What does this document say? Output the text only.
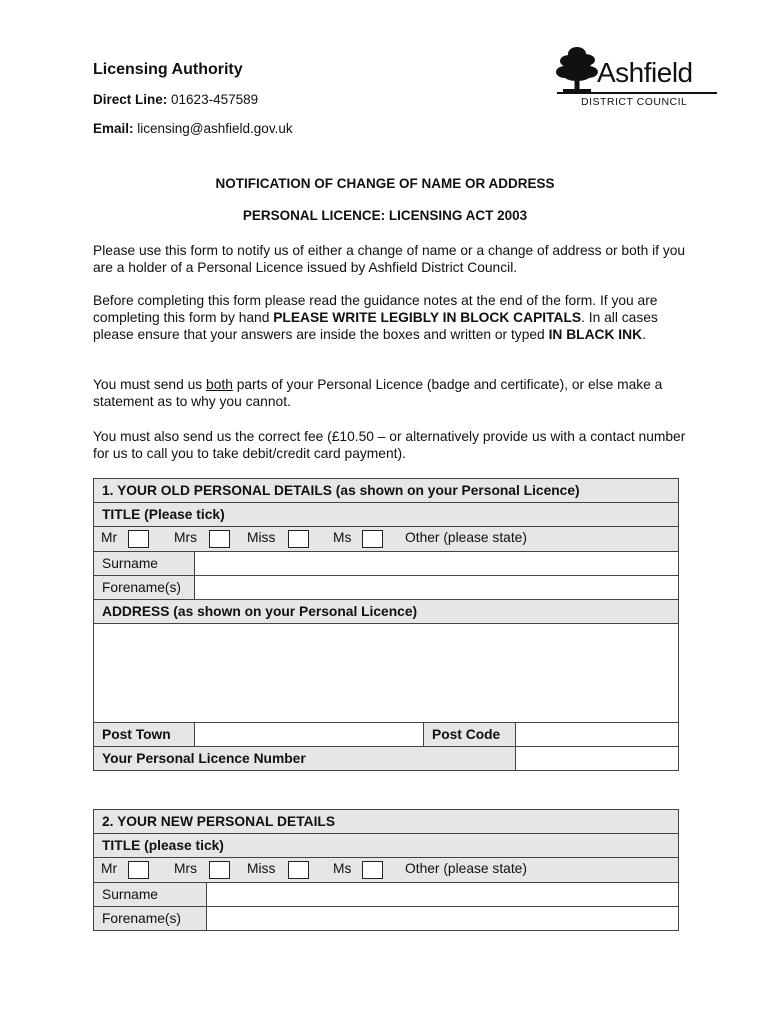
Licensing Authority
Direct Line: 01623-457589
Email: licensing@ashfield.gov.uk
Ashfield
DISTRICT COUNCIL
NOTIFICATION OF CHANGE OF NAME OR ADDRESS
PERSONAL LICENCE: LICENSING ACT 2003
Please use this form to notify us of either a change of name or a change of address or both if you are a holder of a Personal Licence issued by Ashfield District Council.
Before completing this form please read the guidance notes at the end of the form. If you are completing this form by hand PLEASE WRITE LEGIBLY IN BLOCK CAPITALS. In all cases please ensure that your answers are inside the boxes and written or typed IN BLACK INK.
You must send us both parts of your Personal Licence (badge and certificate), or else make a statement as to why you cannot.
You must also send us the correct fee (£10.50 – or alternatively provide us with a contact number for us to call you to take debit/credit card payment).
1. YOUR OLD PERSONAL DETAILS (as shown on your Personal Licence)			
TITLE (Please tick)			

Mr Mrs Miss Ms Other (please state)			

Surname			
Forename(s)			
ADDRESS (as shown on your Personal Licence)			

Post Town		Post Code	
Your Personal Licence Number			
2. YOUR NEW PERSONAL DETAILS	
TITLE (please tick)	

Mr Mrs Miss Ms Other (please state)	

Surname	
Forename(s)	
